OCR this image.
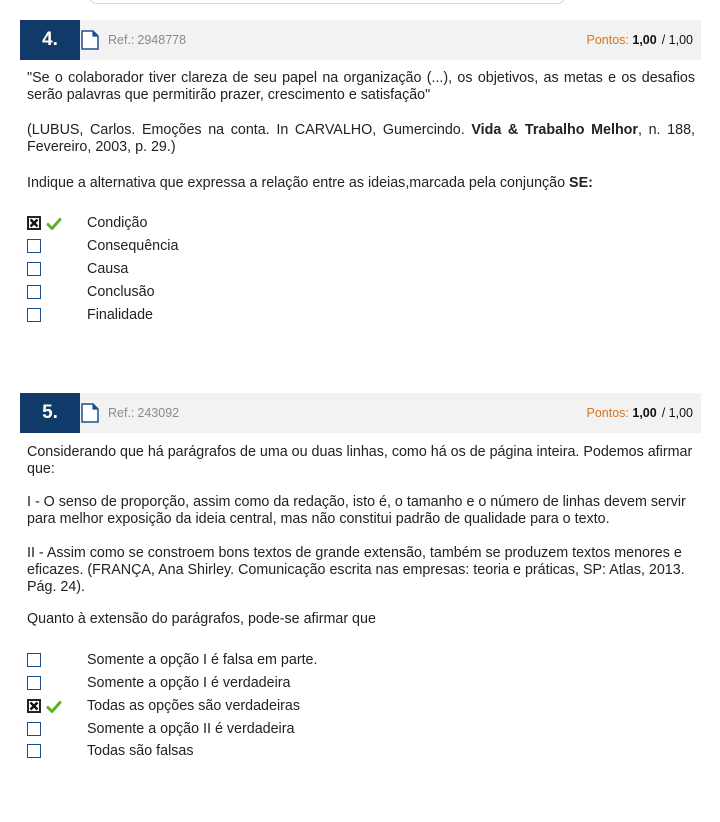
4.	Ref.: 2948778	Pontos: 1,00 / 1,00

"Se o colaborador tiver clareza de seu papel na organização (...), os objetivos, as metas e os desafios serão palavras que permitirão prazer, crescimento e satisfação"

(LUBUS, Carlos. Emoções na conta. In CARVALHO, Gumercindo. Vida & Trabalho Melhor, n. 188, Fevereiro, 2003, p. 29.)

Indique a alternativa que expressa a relação entre as ideias,marcada pela conjunção SE:

Condição
Consequência
Causa
Conclusão
Finalidade
5.	Ref.: 243092	Pontos: 1,00 / 1,00

Considerando que há parágrafos de uma ou duas linhas, como há os de página inteira. Podemos afirmar que:

I - O senso de proporção, assim como da redação, isto é, o tamanho e o número de linhas devem servir para melhor exposição da ideia central, mas não constitui padrão de qualidade para o texto.

II - Assim como se constroem bons textos de grande extensão, também se produzem textos menores e eficazes. (FRANÇA, Ana Shirley. Comunicação escrita nas empresas: teoria e práticas, SP: Atlas, 2013. Pág. 24).

Quanto à extensão do parágrafos, pode-se afirmar que

Somente a opção I é falsa em parte.
Somente a opção I é verdadeira
Todas as opções são verdadeiras
Somente a opção II é verdadeira
Todas são falsas
